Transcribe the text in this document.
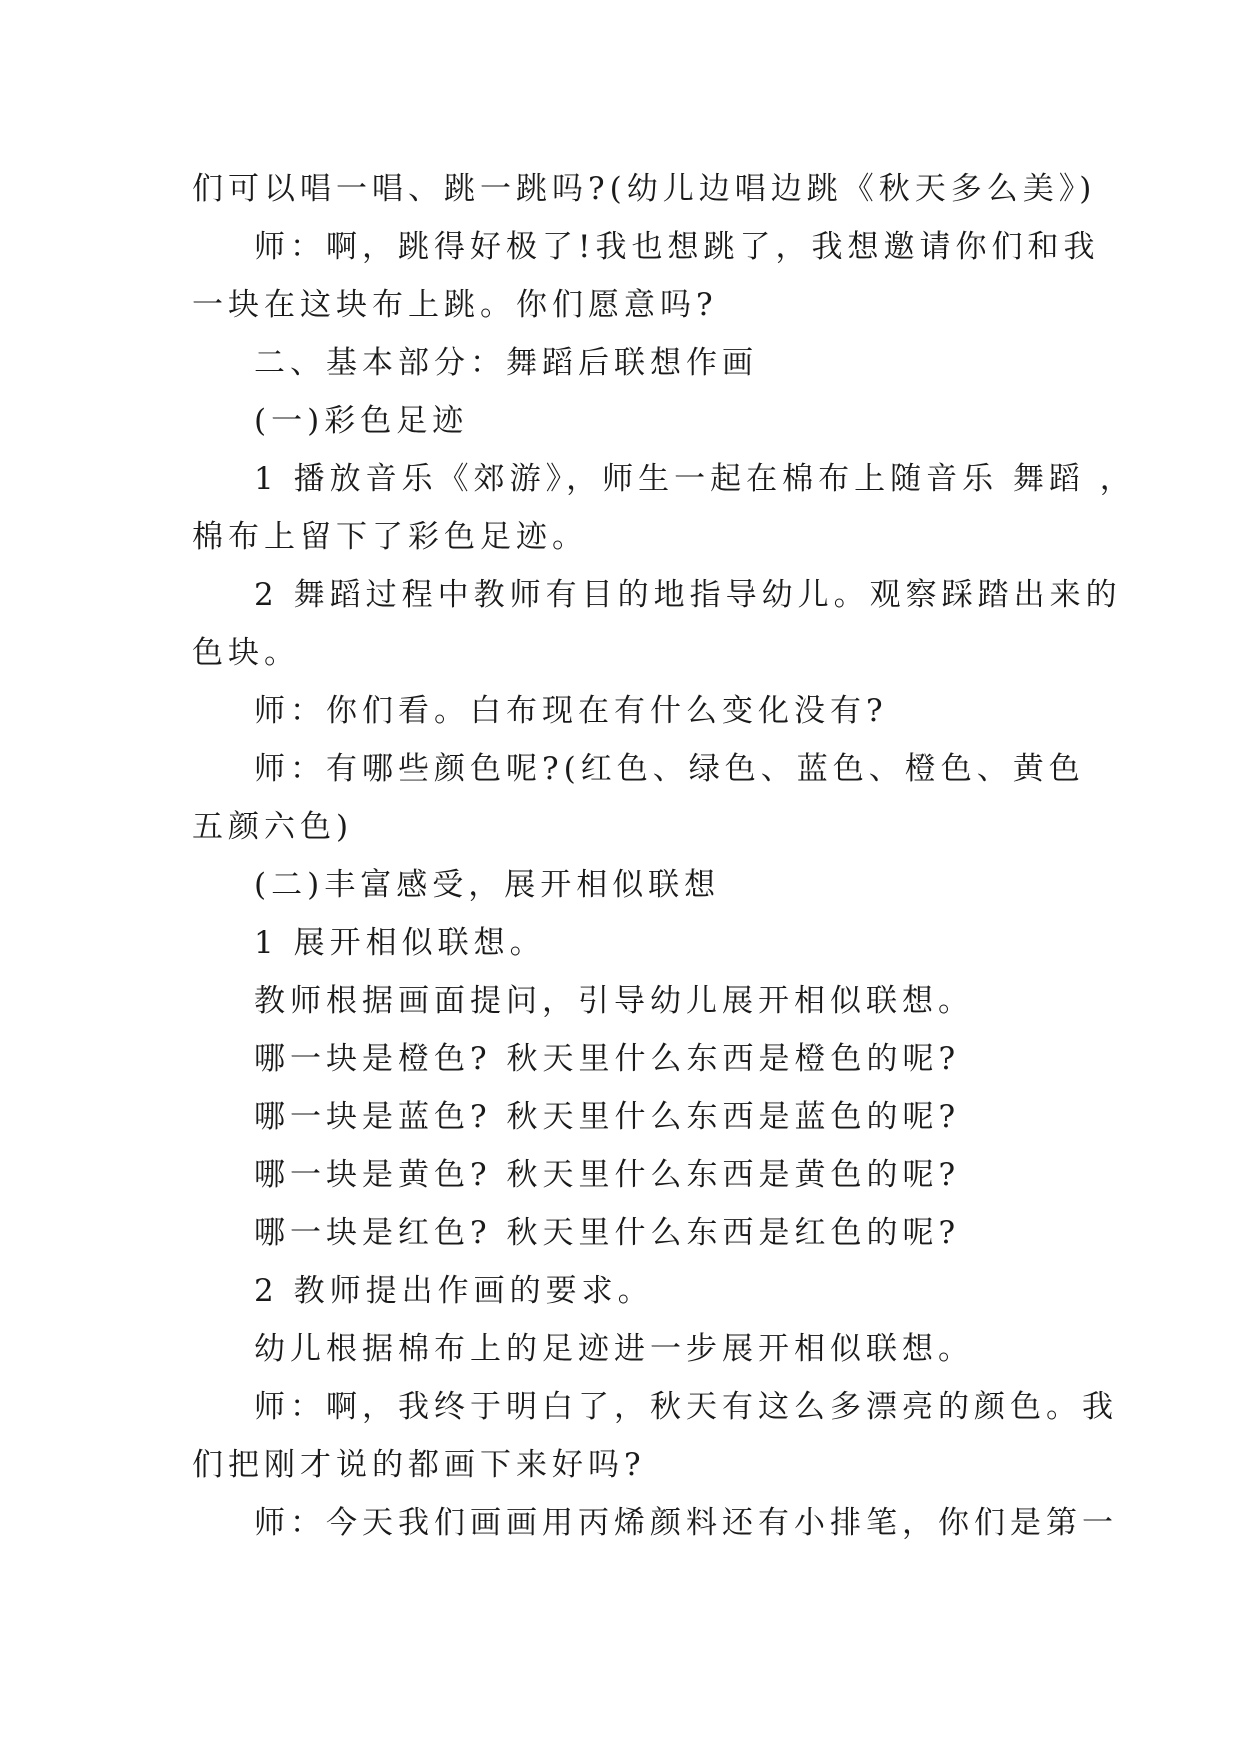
们可以唱一唱、跳一跳吗?(幼儿边唱边跳《秋天多么美》)
师：啊，跳得好极了!我也想跳了，我想邀请你们和我
一块在这块布上跳。你们愿意吗?
二、基本部分：舞蹈后联想作画
(一)彩色足迹
1 播放音乐《郊游》，师生一起在棉布上随音乐 舞蹈 ，
棉布上留下了彩色足迹。
2 舞蹈过程中教师有目的地指导幼儿。观察踩踏出来的
色块。
师：你们看。白布现在有什么变化没有?
师：有哪些颜色呢?(红色、绿色、蓝色、橙色、黄色
五颜六色)
(二)丰富感受，展开相似联想
1 展开相似联想。
教师根据画面提问，引导幼儿展开相似联想。
哪一块是橙色? 秋天里什么东西是橙色的呢?
哪一块是蓝色? 秋天里什么东西是蓝色的呢?
哪一块是黄色? 秋天里什么东西是黄色的呢?
哪一块是红色? 秋天里什么东西是红色的呢?
2 教师提出作画的要求。
幼儿根据棉布上的足迹进一步展开相似联想。
师：啊，我终于明白了，秋天有这么多漂亮的颜色。我
们把刚才说的都画下来好吗?
师：今天我们画画用丙烯颜料还有小排笔，你们是第一
